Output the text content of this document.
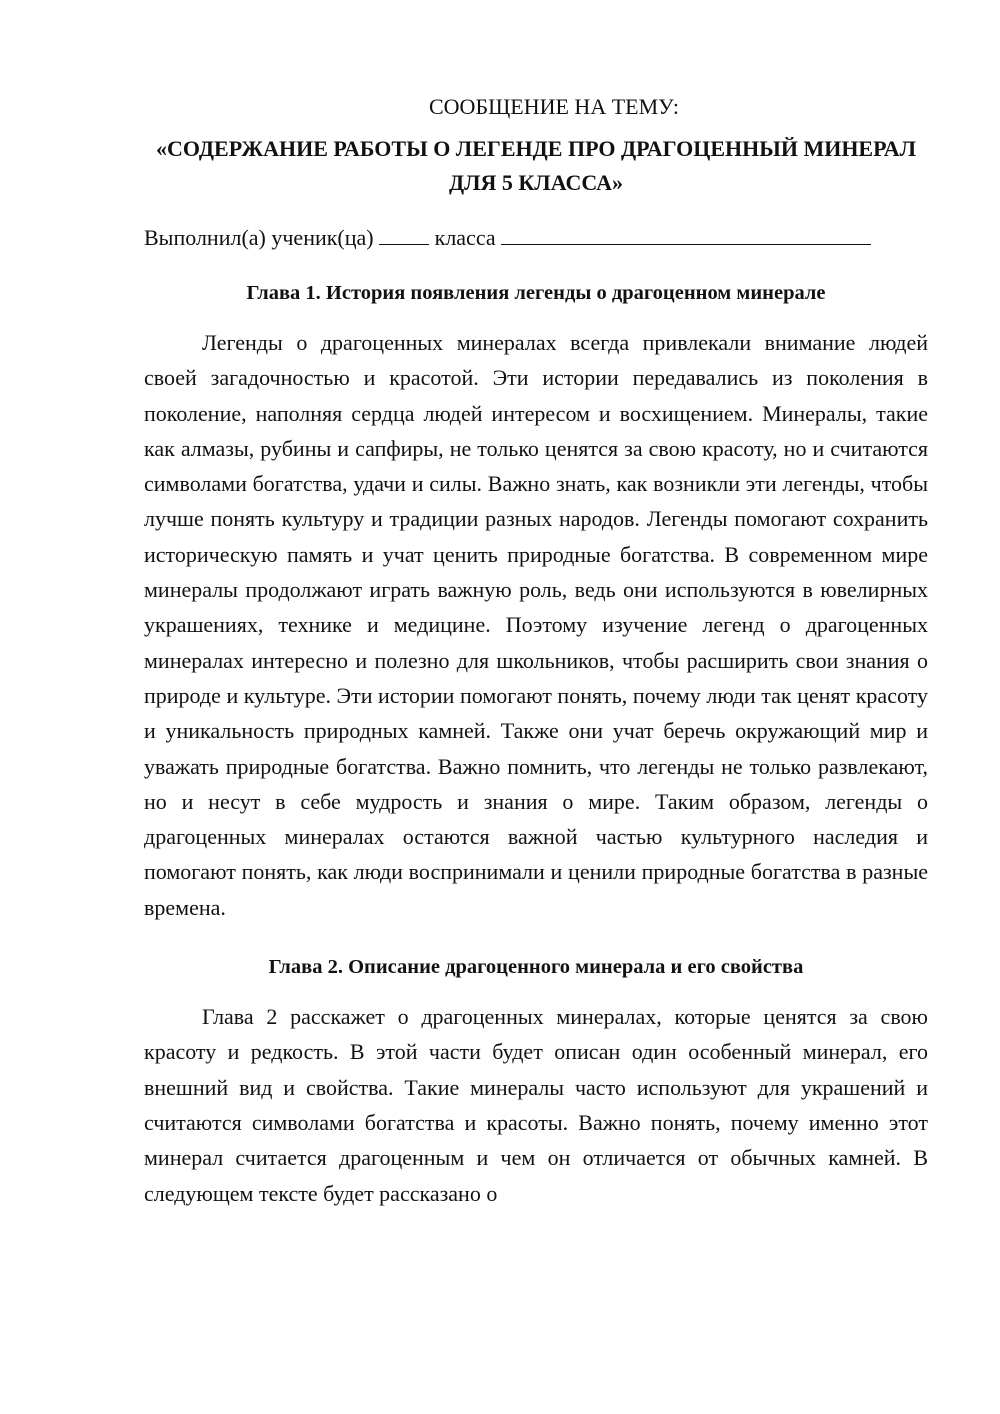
СООБЩЕНИЕ НА ТЕМУ:

«СОДЕРЖАНИЕ РАБОТЫ О ЛЕГЕНДЕ ПРО ДРАГОЦЕННЫЙ МИНЕРАЛ ДЛЯ 5 КЛАССА»

Выполнил(а) ученик(ца)	класса

Глава 1. История появления легенды о драгоценном минерале

Легенды о драгоценных минералах всегда привлекали внимание людей своей загадочностью и красотой. Эти истории передавались из поколения в поколение, наполняя сердца людей интересом и восхищением. Минералы, такие как алмазы, рубины и сапфиры, не только ценятся за свою красоту, но и считаются символами богатства, удачи и силы. Важно знать, как возникли эти легенды, чтобы лучше понять культуру и традиции разных народов. Легенды помогают сохранить историческую память и учат ценить природные богатства. В современном мире минералы продолжают играть важную роль, ведь они используются в ювелирных украшениях, технике и медицине. Поэтому изучение легенд о драгоценных минералах интересно и полезно для школьников, чтобы расширить свои знания о природе и культуре. Эти истории помогают понять, почему люди так ценят красоту и уникальность природных камней. Также они учат беречь окружающий мир и уважать природные богатства. Важно помнить, что легенды не только развлекают, но и несут в себе мудрость и знания о мире. Таким образом, легенды о драгоценных минералах остаются важной частью культурного наследия и помогают понять, как люди воспринимали и ценили природные богатства в разные времена.

Глава 2. Описание драгоценного минерала и его свойства

Глава 2 расскажет о драгоценных минералах, которые ценятся за свою красоту и редкость. В этой части будет описан один особенный минерал, его внешний вид и свойства. Такие минералы часто используют для украшений и считаются символами богатства и красоты. Важно понять, почему именно этот минерал считается драгоценным и чем он отличается от обычных камней. В следующем тексте будет рассказано о
